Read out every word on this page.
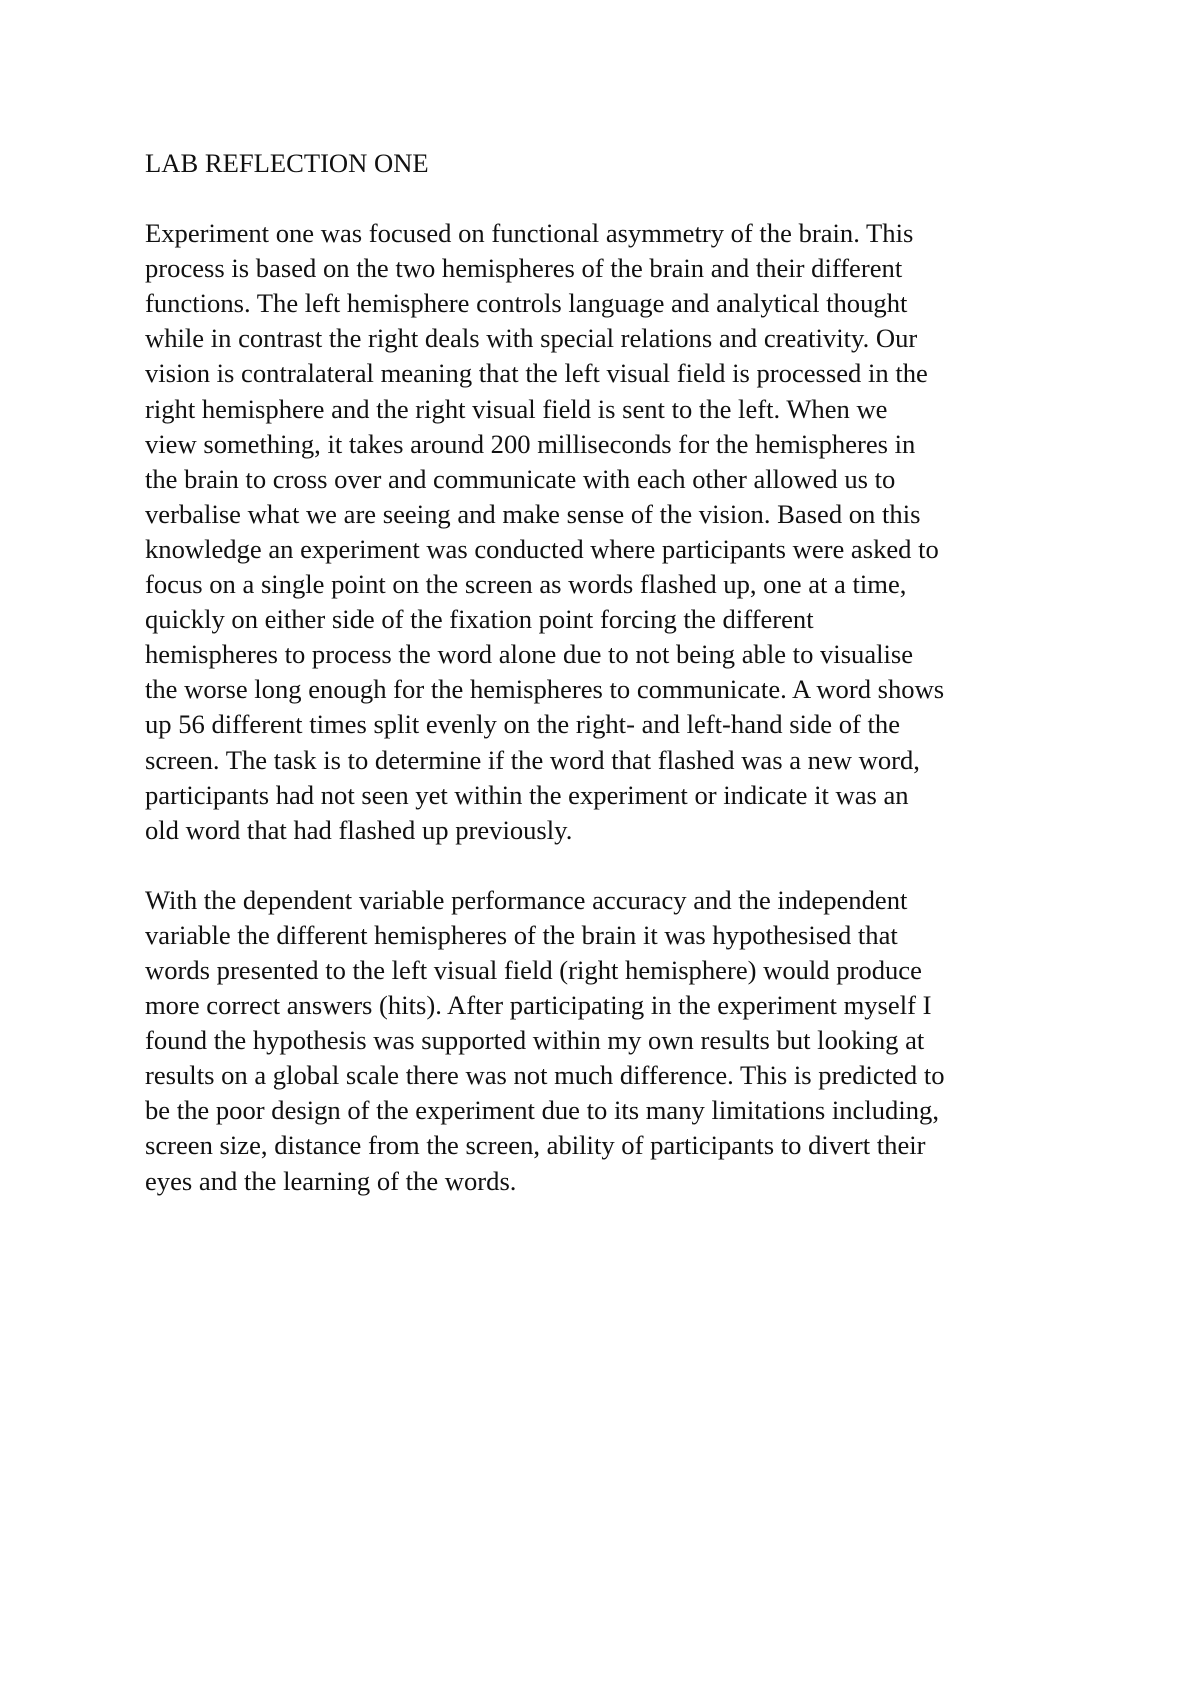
LAB REFLECTION ONE

Experiment one was focused on functional asymmetry of the brain. This
process is based on the two hemispheres of the brain and their different
functions. The left hemisphere controls language and analytical thought
while in contrast the right deals with special relations and creativity. Our
vision is contralateral meaning that the left visual field is processed in the
right hemisphere and the right visual field is sent to the left. When we
view something, it takes around 200 milliseconds for the hemispheres in
the brain to cross over and communicate with each other allowed us to
verbalise what we are seeing and make sense of the vision. Based on this
knowledge an experiment was conducted where participants were asked to
focus on a single point on the screen as words flashed up, one at a time,
quickly on either side of the fixation point forcing the different
hemispheres to process the word alone due to not being able to visualise
the worse long enough for the hemispheres to communicate. A word shows
up 56 different times split evenly on the right- and left-hand side of the
screen. The task is to determine if the word that flashed was a new word,
participants had not seen yet within the experiment or indicate it was an
old word that had flashed up previously.

With the dependent variable performance accuracy and the independent
variable the different hemispheres of the brain it was hypothesised that
words presented to the left visual field (right hemisphere) would produce
more correct answers (hits). After participating in the experiment myself I
found the hypothesis was supported within my own results but looking at
results on a global scale there was not much difference. This is predicted to
be the poor design of the experiment due to its many limitations including,
screen size, distance from the screen, ability of participants to divert their
eyes and the learning of the words.
